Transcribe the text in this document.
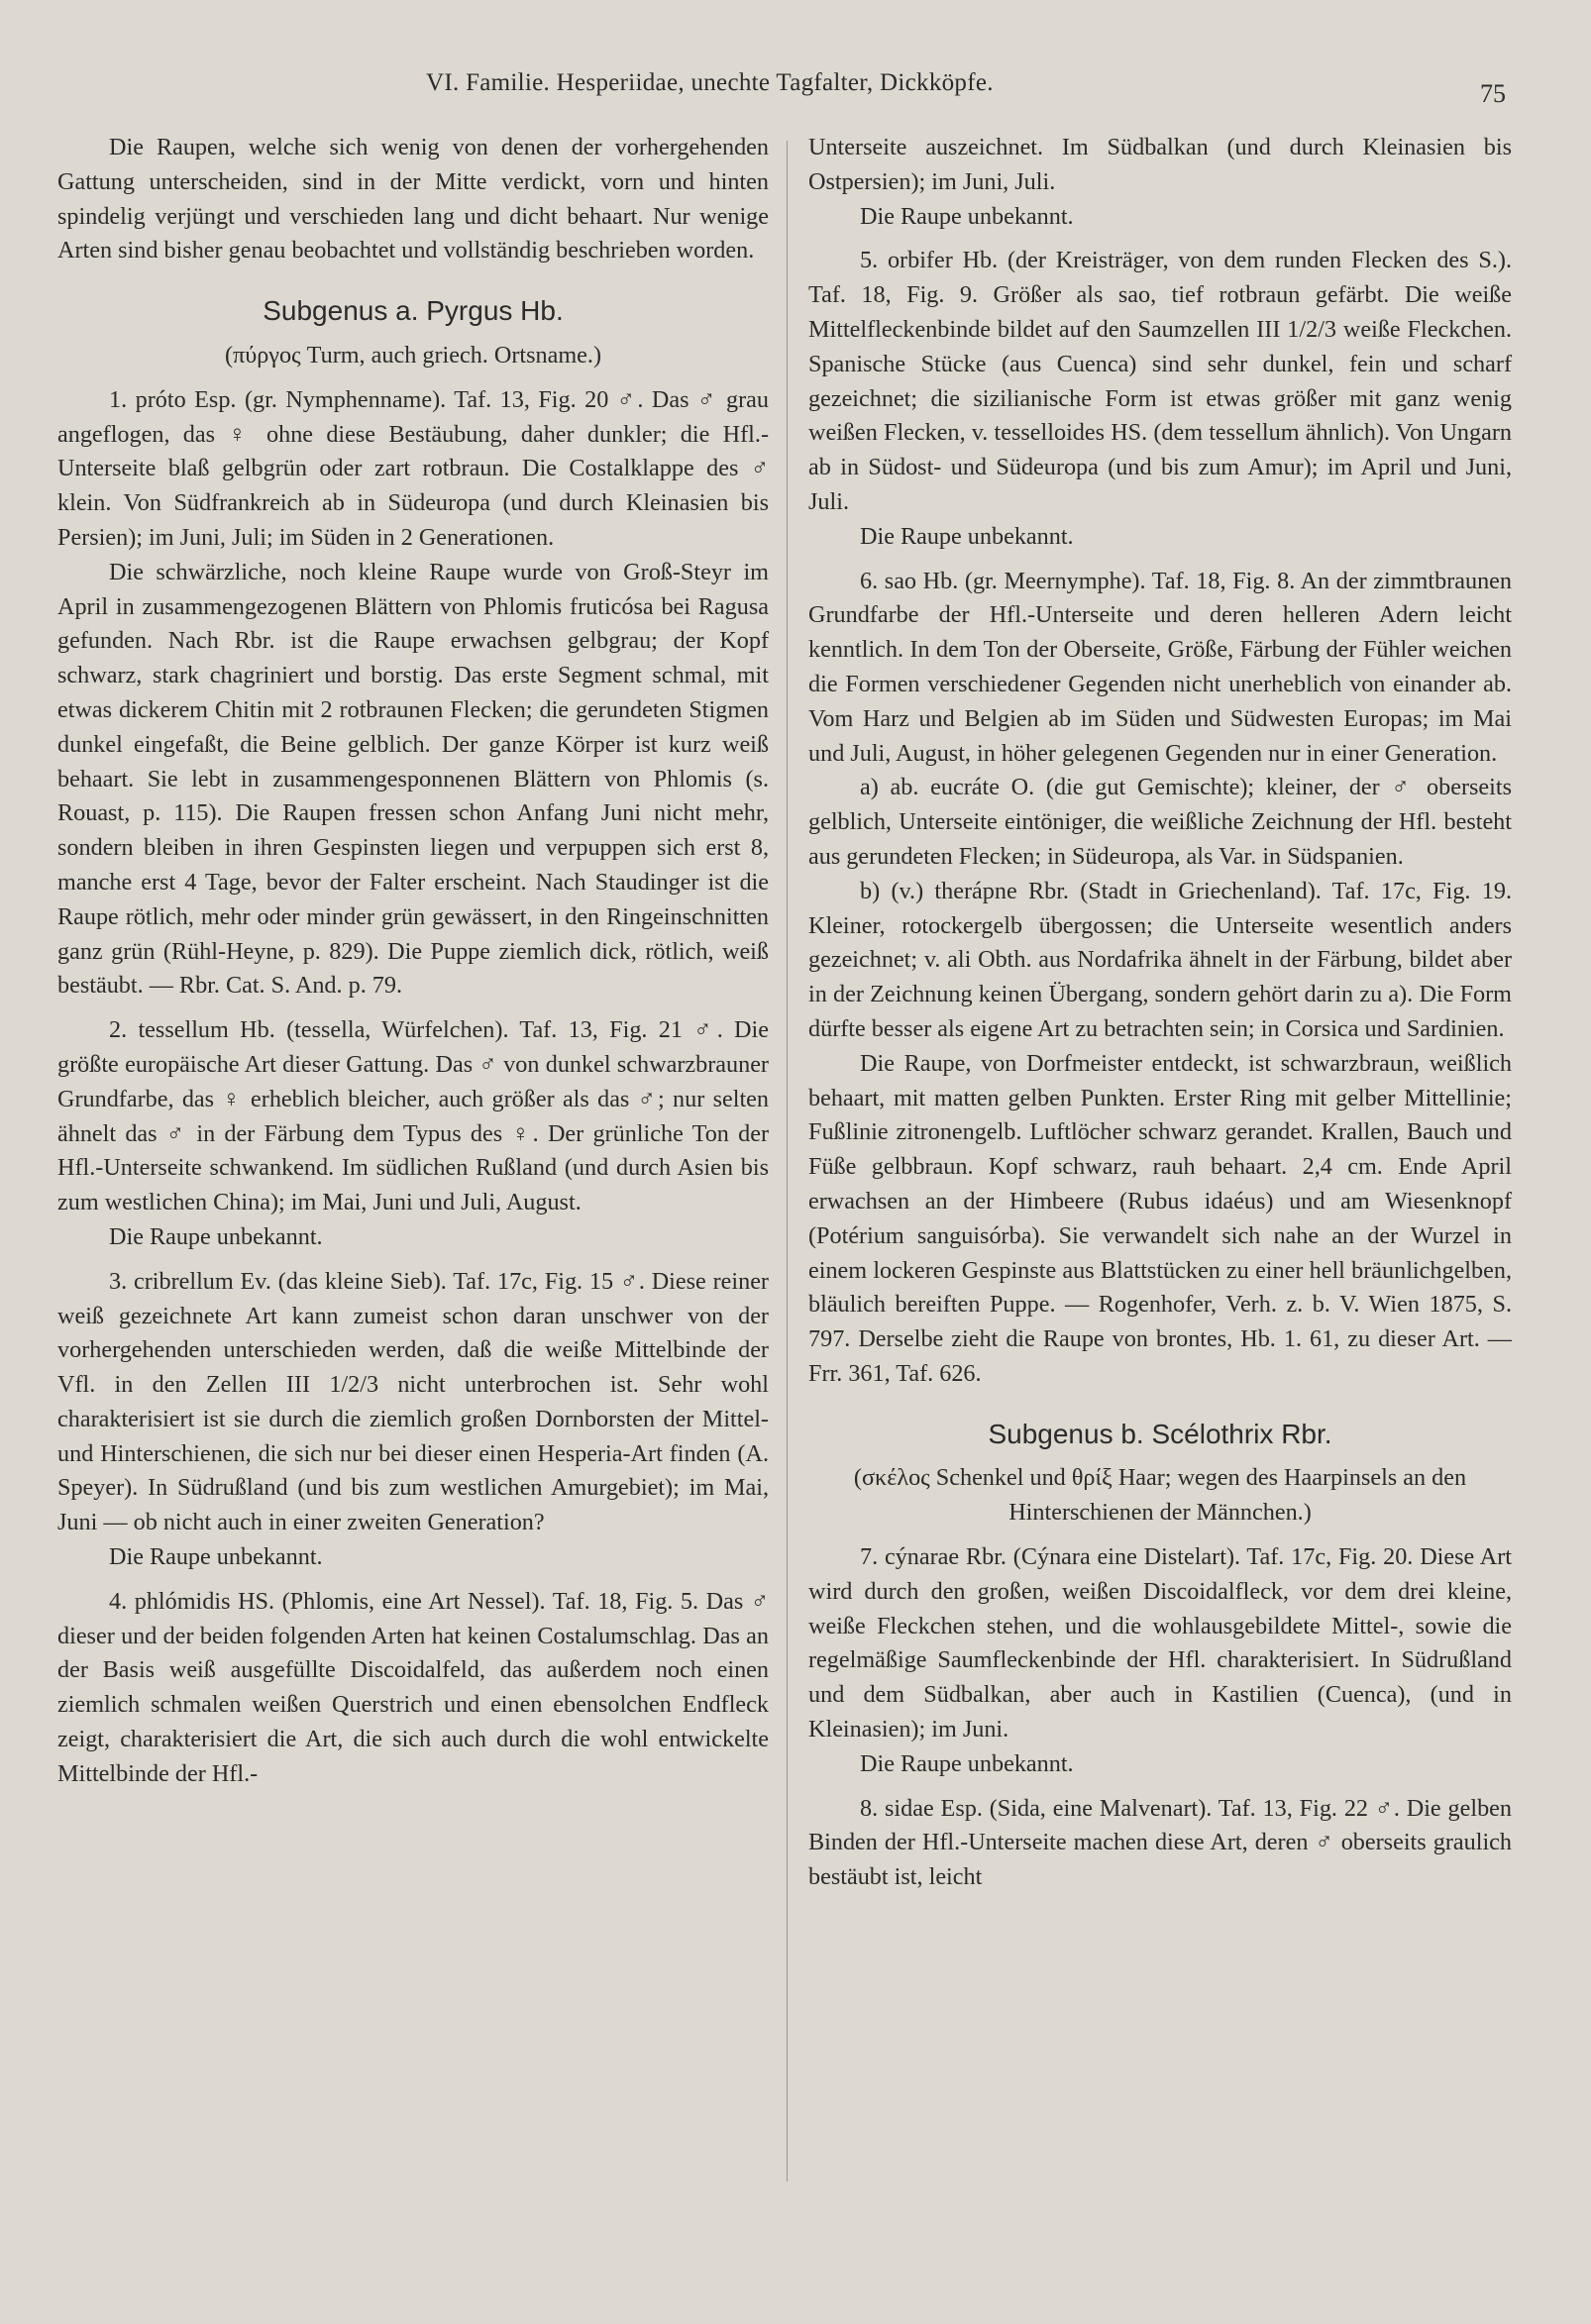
VI. Familie. Hesperiidae, unechte Tagfalter, Dickköpfe.	75

Die Raupen, welche sich wenig von denen der vorhergehenden Gattung unterscheiden, sind in der Mitte verdickt, vorn und hinten spindelig verjüngt und verschieden lang und dicht behaart. Nur wenige Arten sind bisher genau beobachtet und vollständig beschrieben worden.

Subgenus a. Pyrgus Hb.

(πύργος Turm, auch griech. Ortsname.)

1. próto Esp. (gr. Nymphenname). Taf. 13, Fig. 20 ♂. Das ♂ grau angeflogen, das ♀ ohne diese Bestäubung, daher dunkler; die Hfl.-Unterseite blaß gelbgrün oder zart rotbraun. Die Costalklappe des ♂ klein. Von Südfrankreich ab in Südeuropa (und durch Kleinasien bis Persien); im Juni, Juli; im Süden in 2 Generationen.

Die schwärzliche, noch kleine Raupe wurde von Groß-Steyr im April in zusammengezogenen Blättern von Phlomis fruticósa bei Ragusa gefunden. Nach Rbr. ist die Raupe erwachsen gelbgrau; der Kopf schwarz, stark chagriniert und borstig. Das erste Segment schmal, mit etwas dickerem Chitin mit 2 rotbraunen Flecken; die gerundeten Stigmen dunkel eingefaßt, die Beine gelblich. Der ganze Körper ist kurz weiß behaart. Sie lebt in zusammengesponnenen Blättern von Phlomis (s. Rouast, p. 115). Die Raupen fressen schon Anfang Juni nicht mehr, sondern bleiben in ihren Gespinsten liegen und verpuppen sich erst 8, manche erst 4 Tage, bevor der Falter erscheint. Nach Staudinger ist die Raupe rötlich, mehr oder minder grün gewässert, in den Ringeinschnitten ganz grün (Rühl-Heyne, p. 829). Die Puppe ziemlich dick, rötlich, weiß bestäubt. — Rbr. Cat. S. And. p. 79.

2. tessellum Hb. (tessella, Würfelchen). Taf. 13, Fig. 21 ♂. Die größte europäische Art dieser Gattung. Das ♂ von dunkel schwarzbrauner Grundfarbe, das ♀ erheblich bleicher, auch größer als das ♂; nur selten ähnelt das ♂ in der Färbung dem Typus des ♀. Der grünliche Ton der Hfl.-Unterseite schwankend. Im südlichen Rußland (und durch Asien bis zum westlichen China); im Mai, Juni und Juli, August.

Die Raupe unbekannt.

3. cribrellum Ev. (das kleine Sieb). Taf. 17c, Fig. 15 ♂. Diese reiner weiß gezeichnete Art kann zumeist schon daran unschwer von der vorhergehenden unterschieden werden, daß die weiße Mittelbinde der Vfl. in den Zellen III 1/2/3 nicht unterbrochen ist. Sehr wohl charakterisiert ist sie durch die ziemlich großen Dornborsten der Mittel- und Hinterschienen, die sich nur bei dieser einen Hesperia-Art finden (A. Speyer). In Südrußland (und bis zum westlichen Amurgebiet); im Mai, Juni — ob nicht auch in einer zweiten Generation?

Die Raupe unbekannt.

4. phlómidis HS. (Phlomis, eine Art Nessel). Taf. 18, Fig. 5. Das ♂ dieser und der beiden folgenden Arten hat keinen Costalumschlag. Das an der Basis weiß ausgefüllte Discoidalfeld, das außerdem noch einen ziemlich schmalen weißen Querstrich und einen ebensolchen Endfleck zeigt, charakterisiert die Art, die sich auch durch die wohl entwickelte Mittelbinde der Hfl.-

Unterseite auszeichnet. Im Südbalkan (und durch Kleinasien bis Ostpersien); im Juni, Juli.

Die Raupe unbekannt.

5. orbifer Hb. (der Kreisträger, von dem runden Flecken des S.). Taf. 18, Fig. 9. Größer als sao, tief rotbraun gefärbt. Die weiße Mittelfleckenbinde bildet auf den Saumzellen III 1/2/3 weiße Fleckchen. Spanische Stücke (aus Cuenca) sind sehr dunkel, fein und scharf gezeichnet; die sizilianische Form ist etwas größer mit ganz wenig weißen Flecken, v. tesselloides HS. (dem tessellum ähnlich). Von Ungarn ab in Südost- und Südeuropa (und bis zum Amur); im April und Juni, Juli.

Die Raupe unbekannt.

6. sao Hb. (gr. Meernymphe). Taf. 18, Fig. 8. An der zimmtbraunen Grundfarbe der Hfl.-Unterseite und deren helleren Adern leicht kenntlich. In dem Ton der Oberseite, Größe, Färbung der Fühler weichen die Formen verschiedener Gegenden nicht unerheblich von einander ab. Vom Harz und Belgien ab im Süden und Südwesten Europas; im Mai und Juli, August, in höher gelegenen Gegenden nur in einer Generation.

a) ab. eucráte O. (die gut Gemischte); kleiner, der ♂ oberseits gelblich, Unterseite eintöniger, die weißliche Zeichnung der Hfl. besteht aus gerundeten Flecken; in Südeuropa, als Var. in Südspanien.

b) (v.) therápne Rbr. (Stadt in Griechenland). Taf. 17c, Fig. 19. Kleiner, rotockergelb übergossen; die Unterseite wesentlich anders gezeichnet; v. ali Obth. aus Nordafrika ähnelt in der Färbung, bildet aber in der Zeichnung keinen Übergang, sondern gehört darin zu a). Die Form dürfte besser als eigene Art zu betrachten sein; in Corsica und Sardinien.

Die Raupe, von Dorfmeister entdeckt, ist schwarzbraun, weißlich behaart, mit matten gelben Punkten. Erster Ring mit gelber Mittellinie; Fußlinie zitronengelb. Luftlöcher schwarz gerandet. Krallen, Bauch und Füße gelbbraun. Kopf schwarz, rauh behaart. 2,4 cm. Ende April erwachsen an der Himbeere (Rubus idaéus) und am Wiesenknopf (Potérium sanguisórba). Sie verwandelt sich nahe an der Wurzel in einem lockeren Gespinste aus Blattstücken zu einer hell bräunlichgelben, bläulich bereiften Puppe. — Rogenhofer, Verh. z. b. V. Wien 1875, S. 797. Derselbe zieht die Raupe von brontes, Hb. 1. 61, zu dieser Art. — Frr. 361, Taf. 626.

Subgenus b. Scélothrix Rbr.

(σκέλος Schenkel und θρίξ Haar; wegen des Haarpinsels an den Hinterschienen der Männchen.)

7. cýnarae Rbr. (Cýnara eine Distelart). Taf. 17c, Fig. 20. Diese Art wird durch den großen, weißen Discoidalfleck, vor dem drei kleine, weiße Fleckchen stehen, und die wohlausgebildete Mittel-, sowie die regelmäßige Saumfleckenbinde der Hfl. charakterisiert. In Südrußland und dem Südbalkan, aber auch in Kastilien (Cuenca), (und in Kleinasien); im Juni.

Die Raupe unbekannt.

8. sidae Esp. (Sida, eine Malvenart). Taf. 13, Fig. 22 ♂. Die gelben Binden der Hfl.-Unterseite machen diese Art, deren ♂ oberseits graulich bestäubt ist, leicht
